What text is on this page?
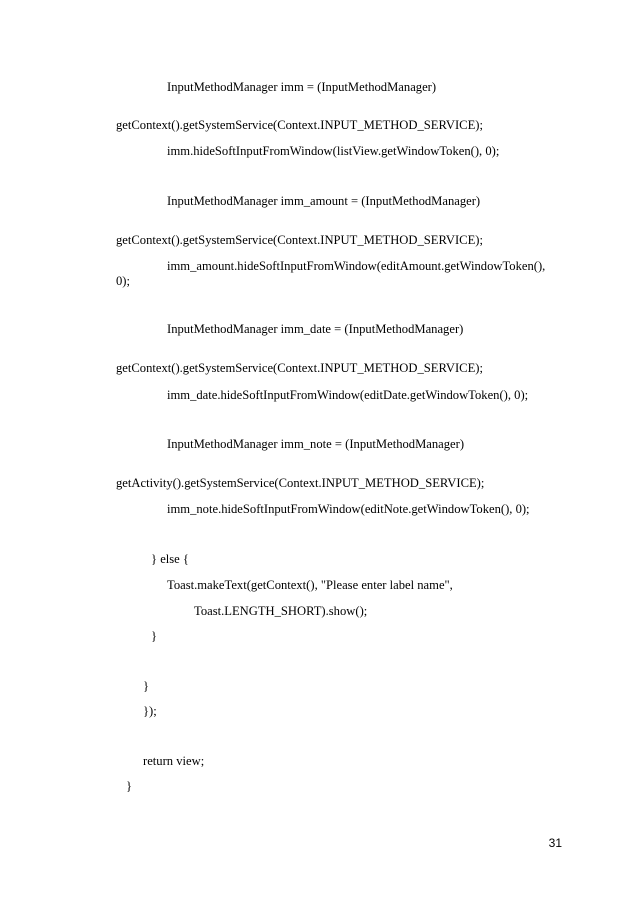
InputMethodManager imm = (InputMethodManager)
getContext().getSystemService(Context.INPUT_METHOD_SERVICE);
imm.hideSoftInputFromWindow(listView.getWindowToken(), 0);
InputMethodManager imm_amount = (InputMethodManager)
getContext().getSystemService(Context.INPUT_METHOD_SERVICE);
imm_amount.hideSoftInputFromWindow(editAmount.getWindowToken(),
0);
InputMethodManager imm_date = (InputMethodManager)
getContext().getSystemService(Context.INPUT_METHOD_SERVICE);
imm_date.hideSoftInputFromWindow(editDate.getWindowToken(), 0);
InputMethodManager imm_note = (InputMethodManager)
getActivity().getSystemService(Context.INPUT_METHOD_SERVICE);
imm_note.hideSoftInputFromWindow(editNote.getWindowToken(), 0);
} else {
Toast.makeText(getContext(), "Please enter label name",
Toast.LENGTH_SHORT).show();
}
}
});
return view;
}
31
